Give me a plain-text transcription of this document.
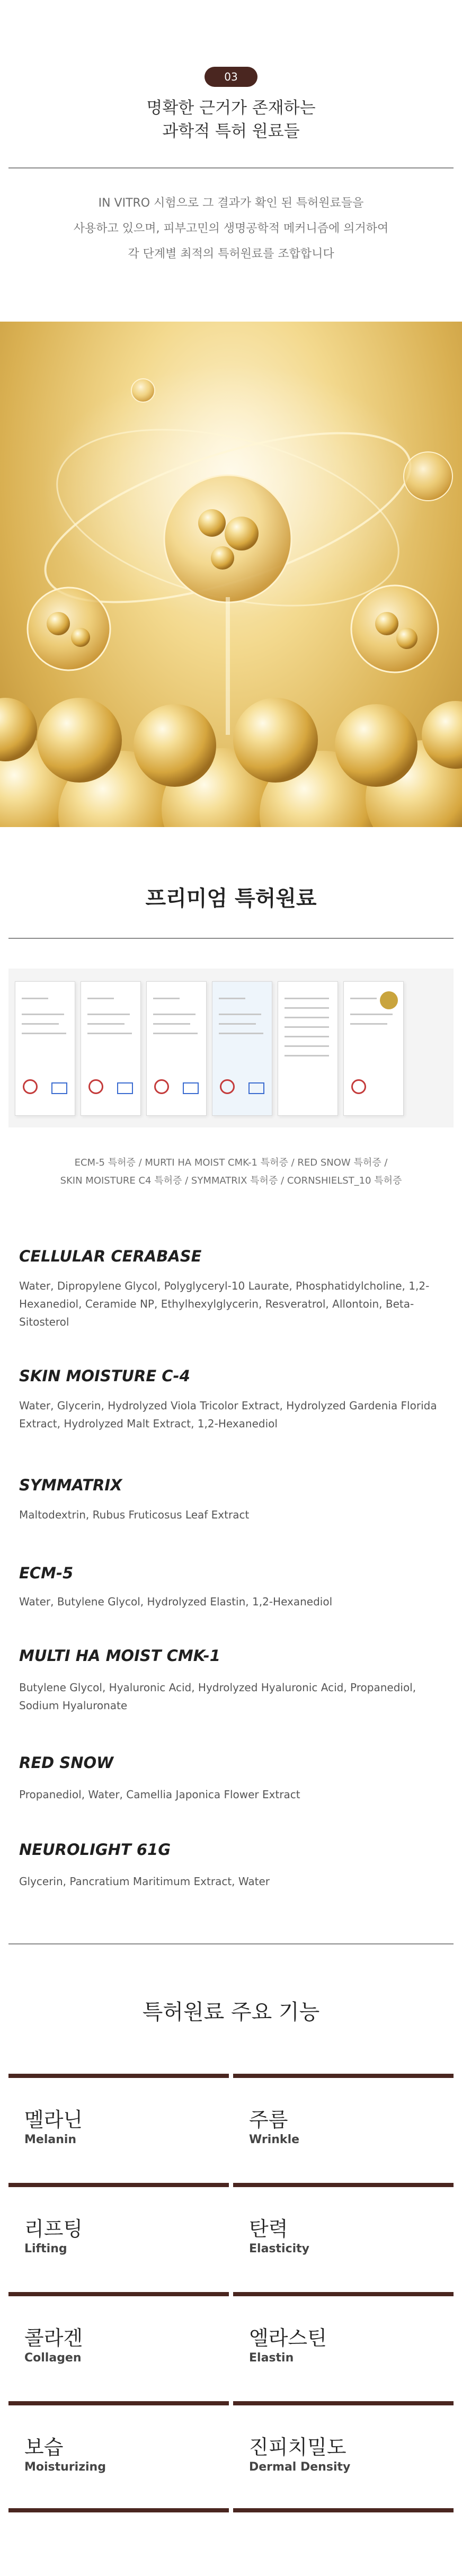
03
명확한 근거가 존재하는
과학적 특허 원료들
IN VITRO 시험으로 그 결과가 확인 된 특허원료들을
사용하고 있으며, 피부고민의 생명공학적 메커니즘에 의거하여
각 단계별 최적의 특허원료를 조합합니다
프리미엄 특허원료
ECM-5 특허증 / MURTI HA MOIST CMK-1 특허증 / RED SNOW 특허증 /
SKIN MOISTURE C4 특허증 / SYMMATRIX 특허증 / CORNSHIELST_10 특허증
CELLULAR CERABASE
Water, Dipropylene Glycol, Polyglyceryl-10 Laurate, Phosphatidylcholine, 1,2-Hexanediol, Ceramide NP, Ethylhexylglycerin, Resveratrol, Allontoin, Beta-Sitosterol
SKIN MOISTURE C-4
Water, Glycerin, Hydrolyzed Viola Tricolor Extract, Hydrolyzed Gardenia Florida Extract, Hydrolyzed Malt Extract, 1,2-Hexanediol
SYMMATRIX
Maltodextrin, Rubus Fruticosus Leaf Extract
ECM-5
Water, Butylene Glycol, Hydrolyzed Elastin, 1,2-Hexanediol
MULTI HA MOIST CMK-1
Butylene Glycol, Hyaluronic Acid, Hydrolyzed Hyaluronic Acid, Propanediol, Sodium Hyaluronate
RED SNOW
Propanediol, Water, Camellia Japonica Flower Extract
NEUROLIGHT 61G
Glycerin, Pancratium Maritimum Extract, Water
특허원료 주요 기능
멜라닌
Melanin
주름
Wrinkle
리프팅
Lifting
탄력
Elasticity
콜라겐
Collagen
엘라스틴
Elastin
보습
Moisturizing
진피치밀도
Dermal Density
